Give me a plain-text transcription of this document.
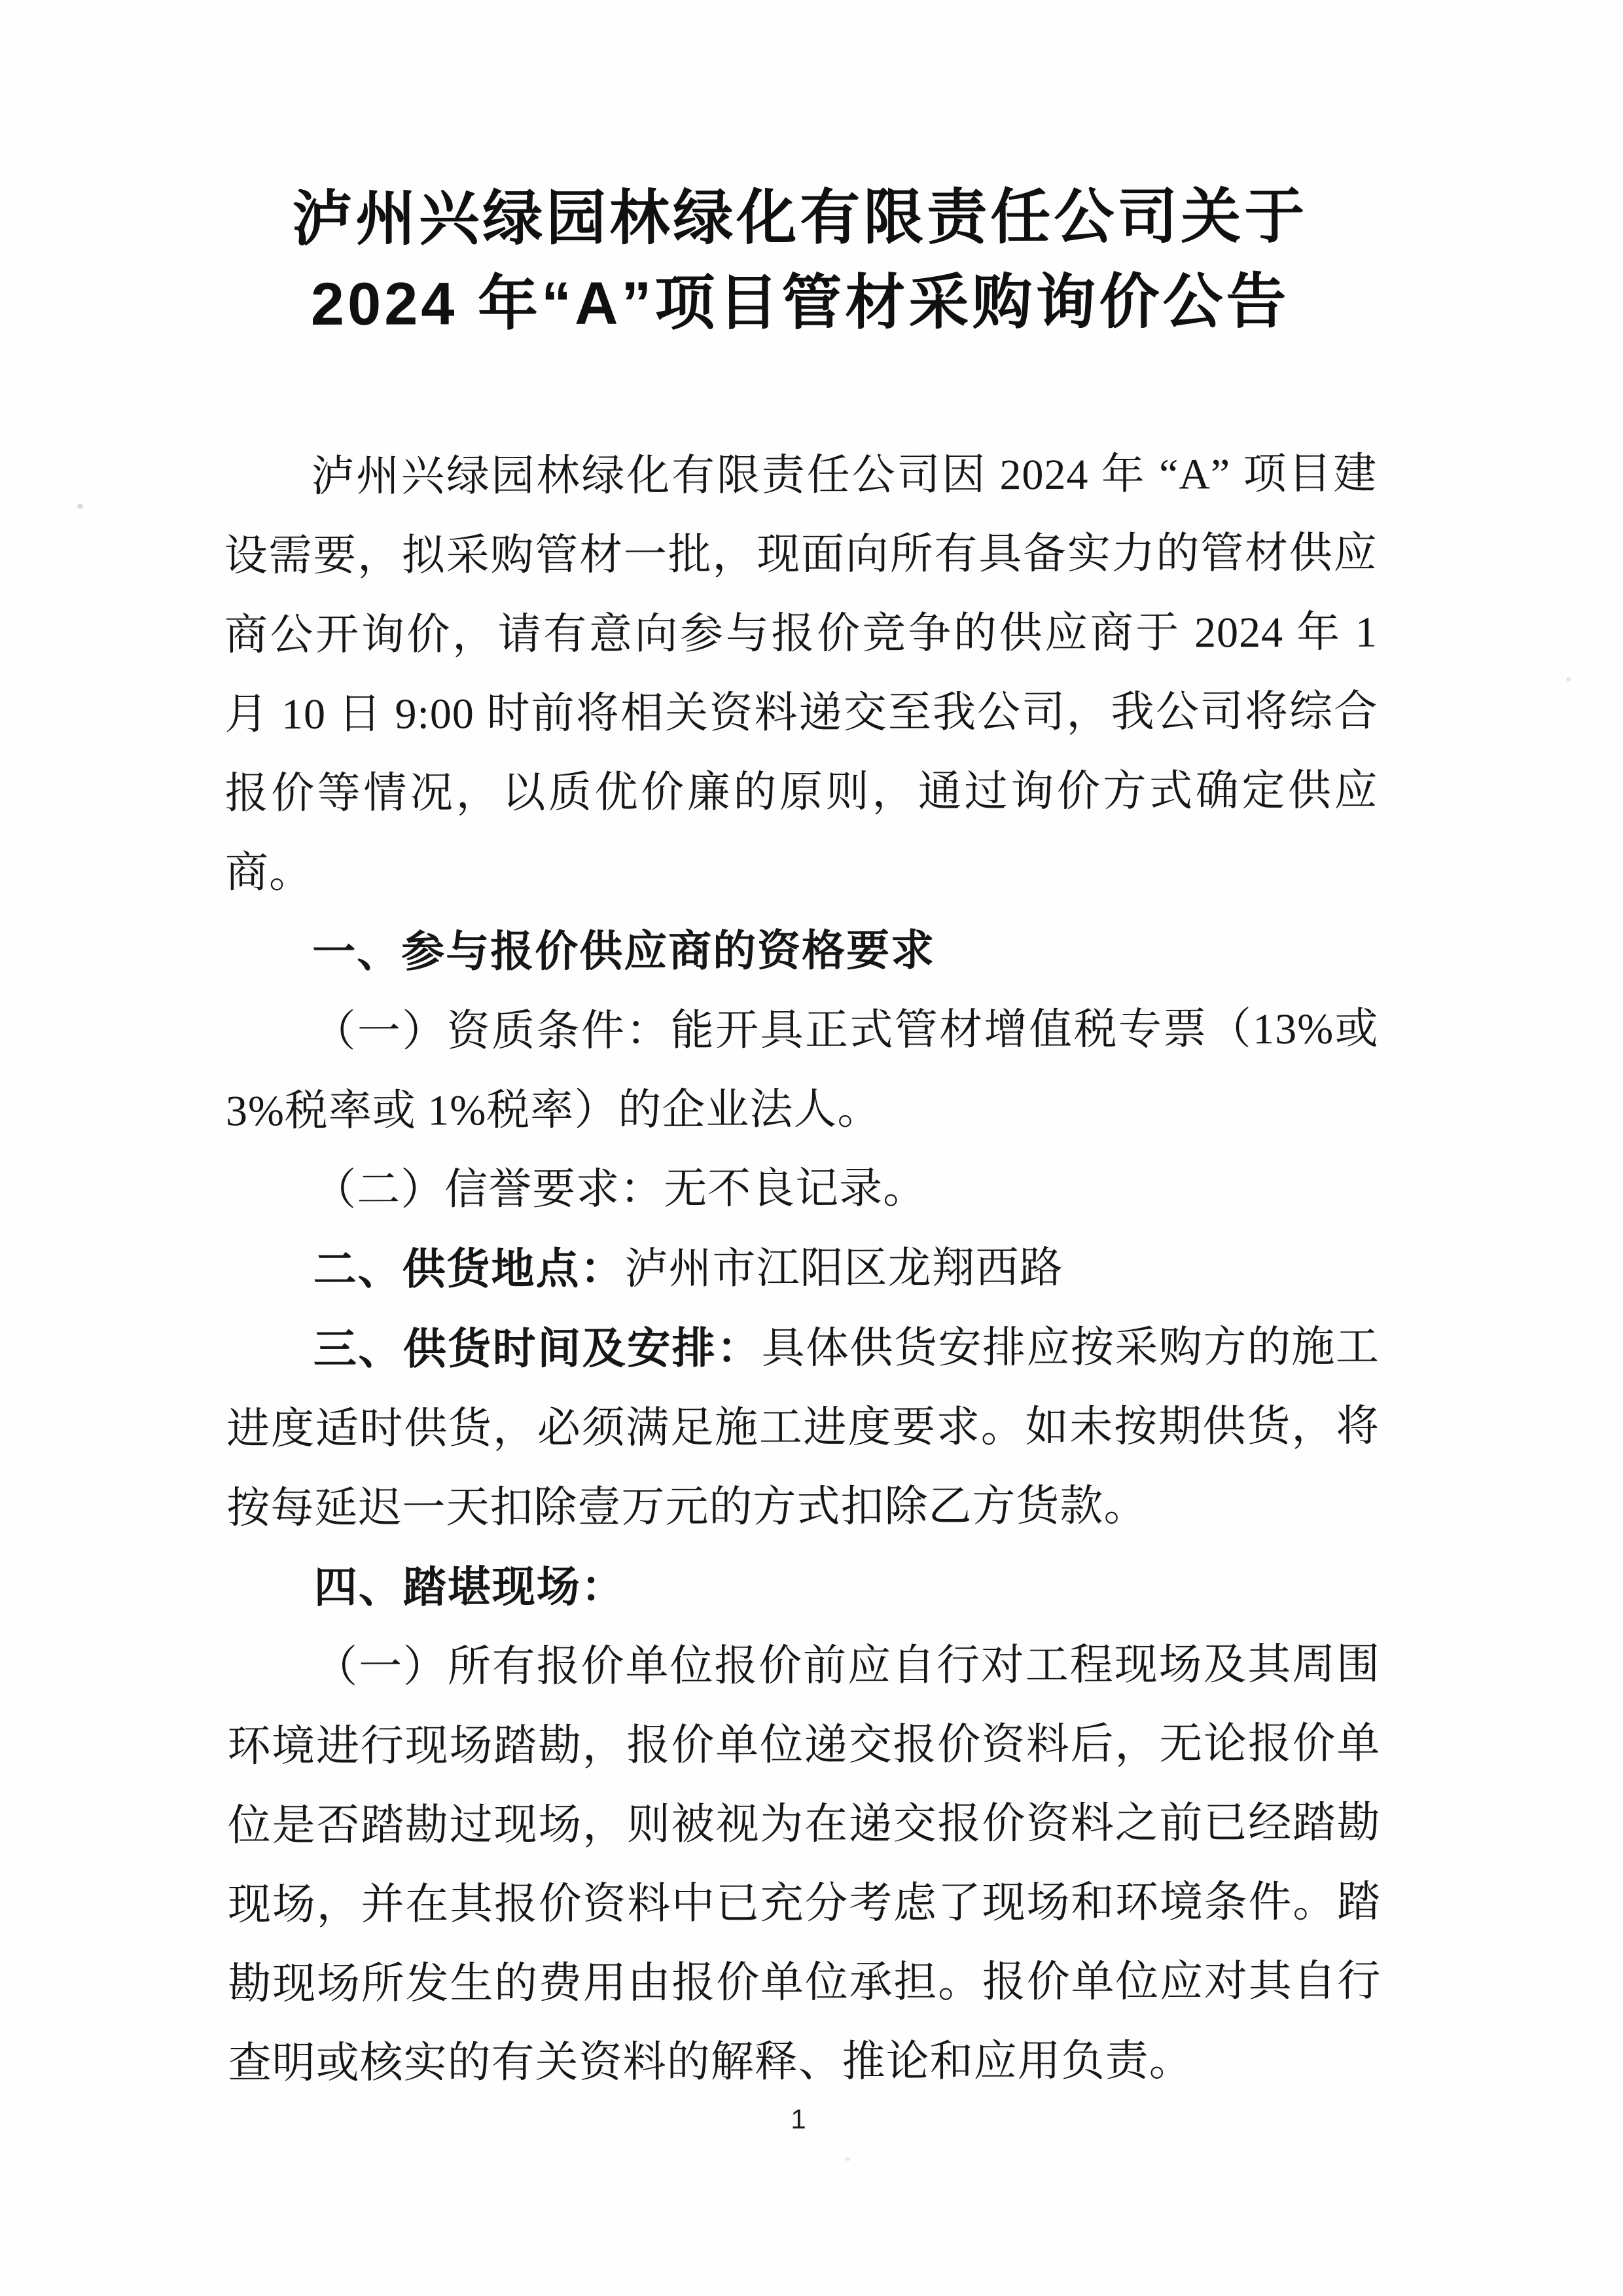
泸州兴绿园林绿化有限责任公司关于
2024 年“A”项目管材采购询价公告

泸州兴绿园林绿化有限责任公司因 2024 年 “A” 项目建设需要，拟采购管材一批，现面向所有具备实力的管材供应商公开询价，请有意向参与报价竞争的供应商于 2024 年 1 月 10 日 9:00 时前将相关资料递交至我公司，我公司将综合报价等情况，以质优价廉的原则，通过询价方式确定供应商。

一、参与报价供应商的资格要求

（一）资质条件：能开具正式管材增值税专票（13%或 3%税率或 1%税率）的企业法人。

（二）信誉要求：无不良记录。

二、供货地点：泸州市江阳区龙翔西路

三、供货时间及安排：具体供货安排应按采购方的施工进度适时供货，必须满足施工进度要求。如未按期供货，将按每延迟一天扣除壹万元的方式扣除乙方货款。

四、踏堪现场：

（一）所有报价单位报价前应自行对工程现场及其周围环境进行现场踏勘，报价单位递交报价资料后，无论报价单位是否踏勘过现场，则被视为在递交报价资料之前已经踏勘现场，并在其报价资料中已充分考虑了现场和环境条件。踏勘现场所发生的费用由报价单位承担。报价单位应对其自行查明或核实的有关资料的解释、推论和应用负责。

1
